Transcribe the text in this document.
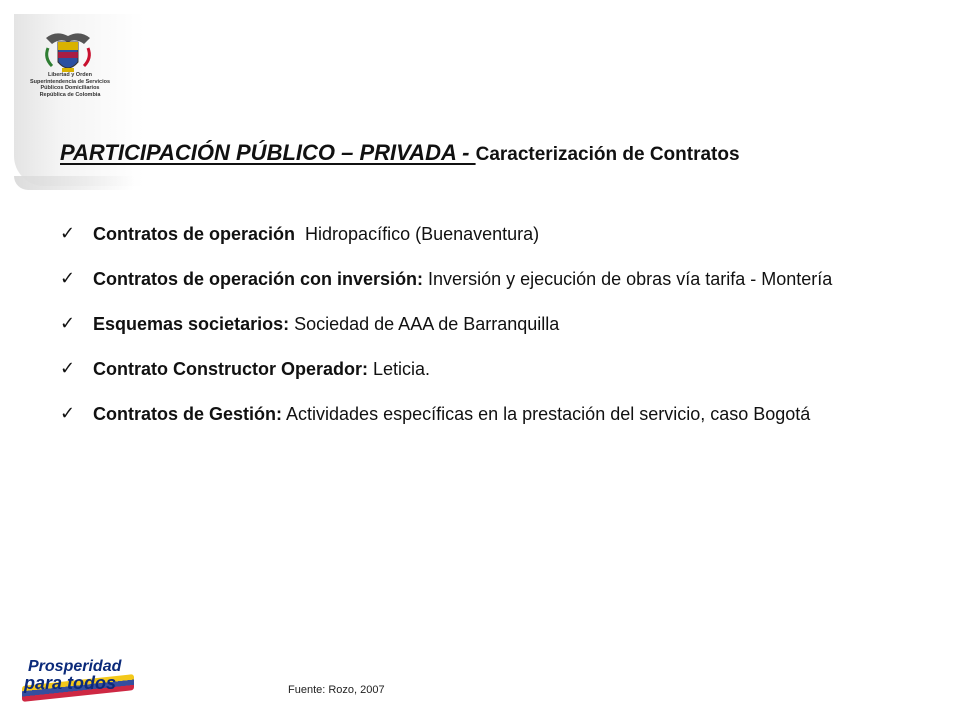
Libertad y Orden
Superintendencia de Servicios
Públicos Domiciliarios
República de Colombia
PARTICIPACIÓN PÚBLICO – PRIVADA - Caracterización de Contratos
✓ Contratos de operación  Hidropacífico (Buenaventura)
✓ Contratos de operación con inversión: Inversión y ejecución de obras vía tarifa - Montería
✓ Esquemas societarios: Sociedad de AAA de Barranquilla
✓ Contrato Constructor Operador: Leticia.
✓ Contratos de Gestión: Actividades específicas en la prestación del servicio, caso Bogotá
Prosperidad
para todos	Fuente: Rozo, 2007
